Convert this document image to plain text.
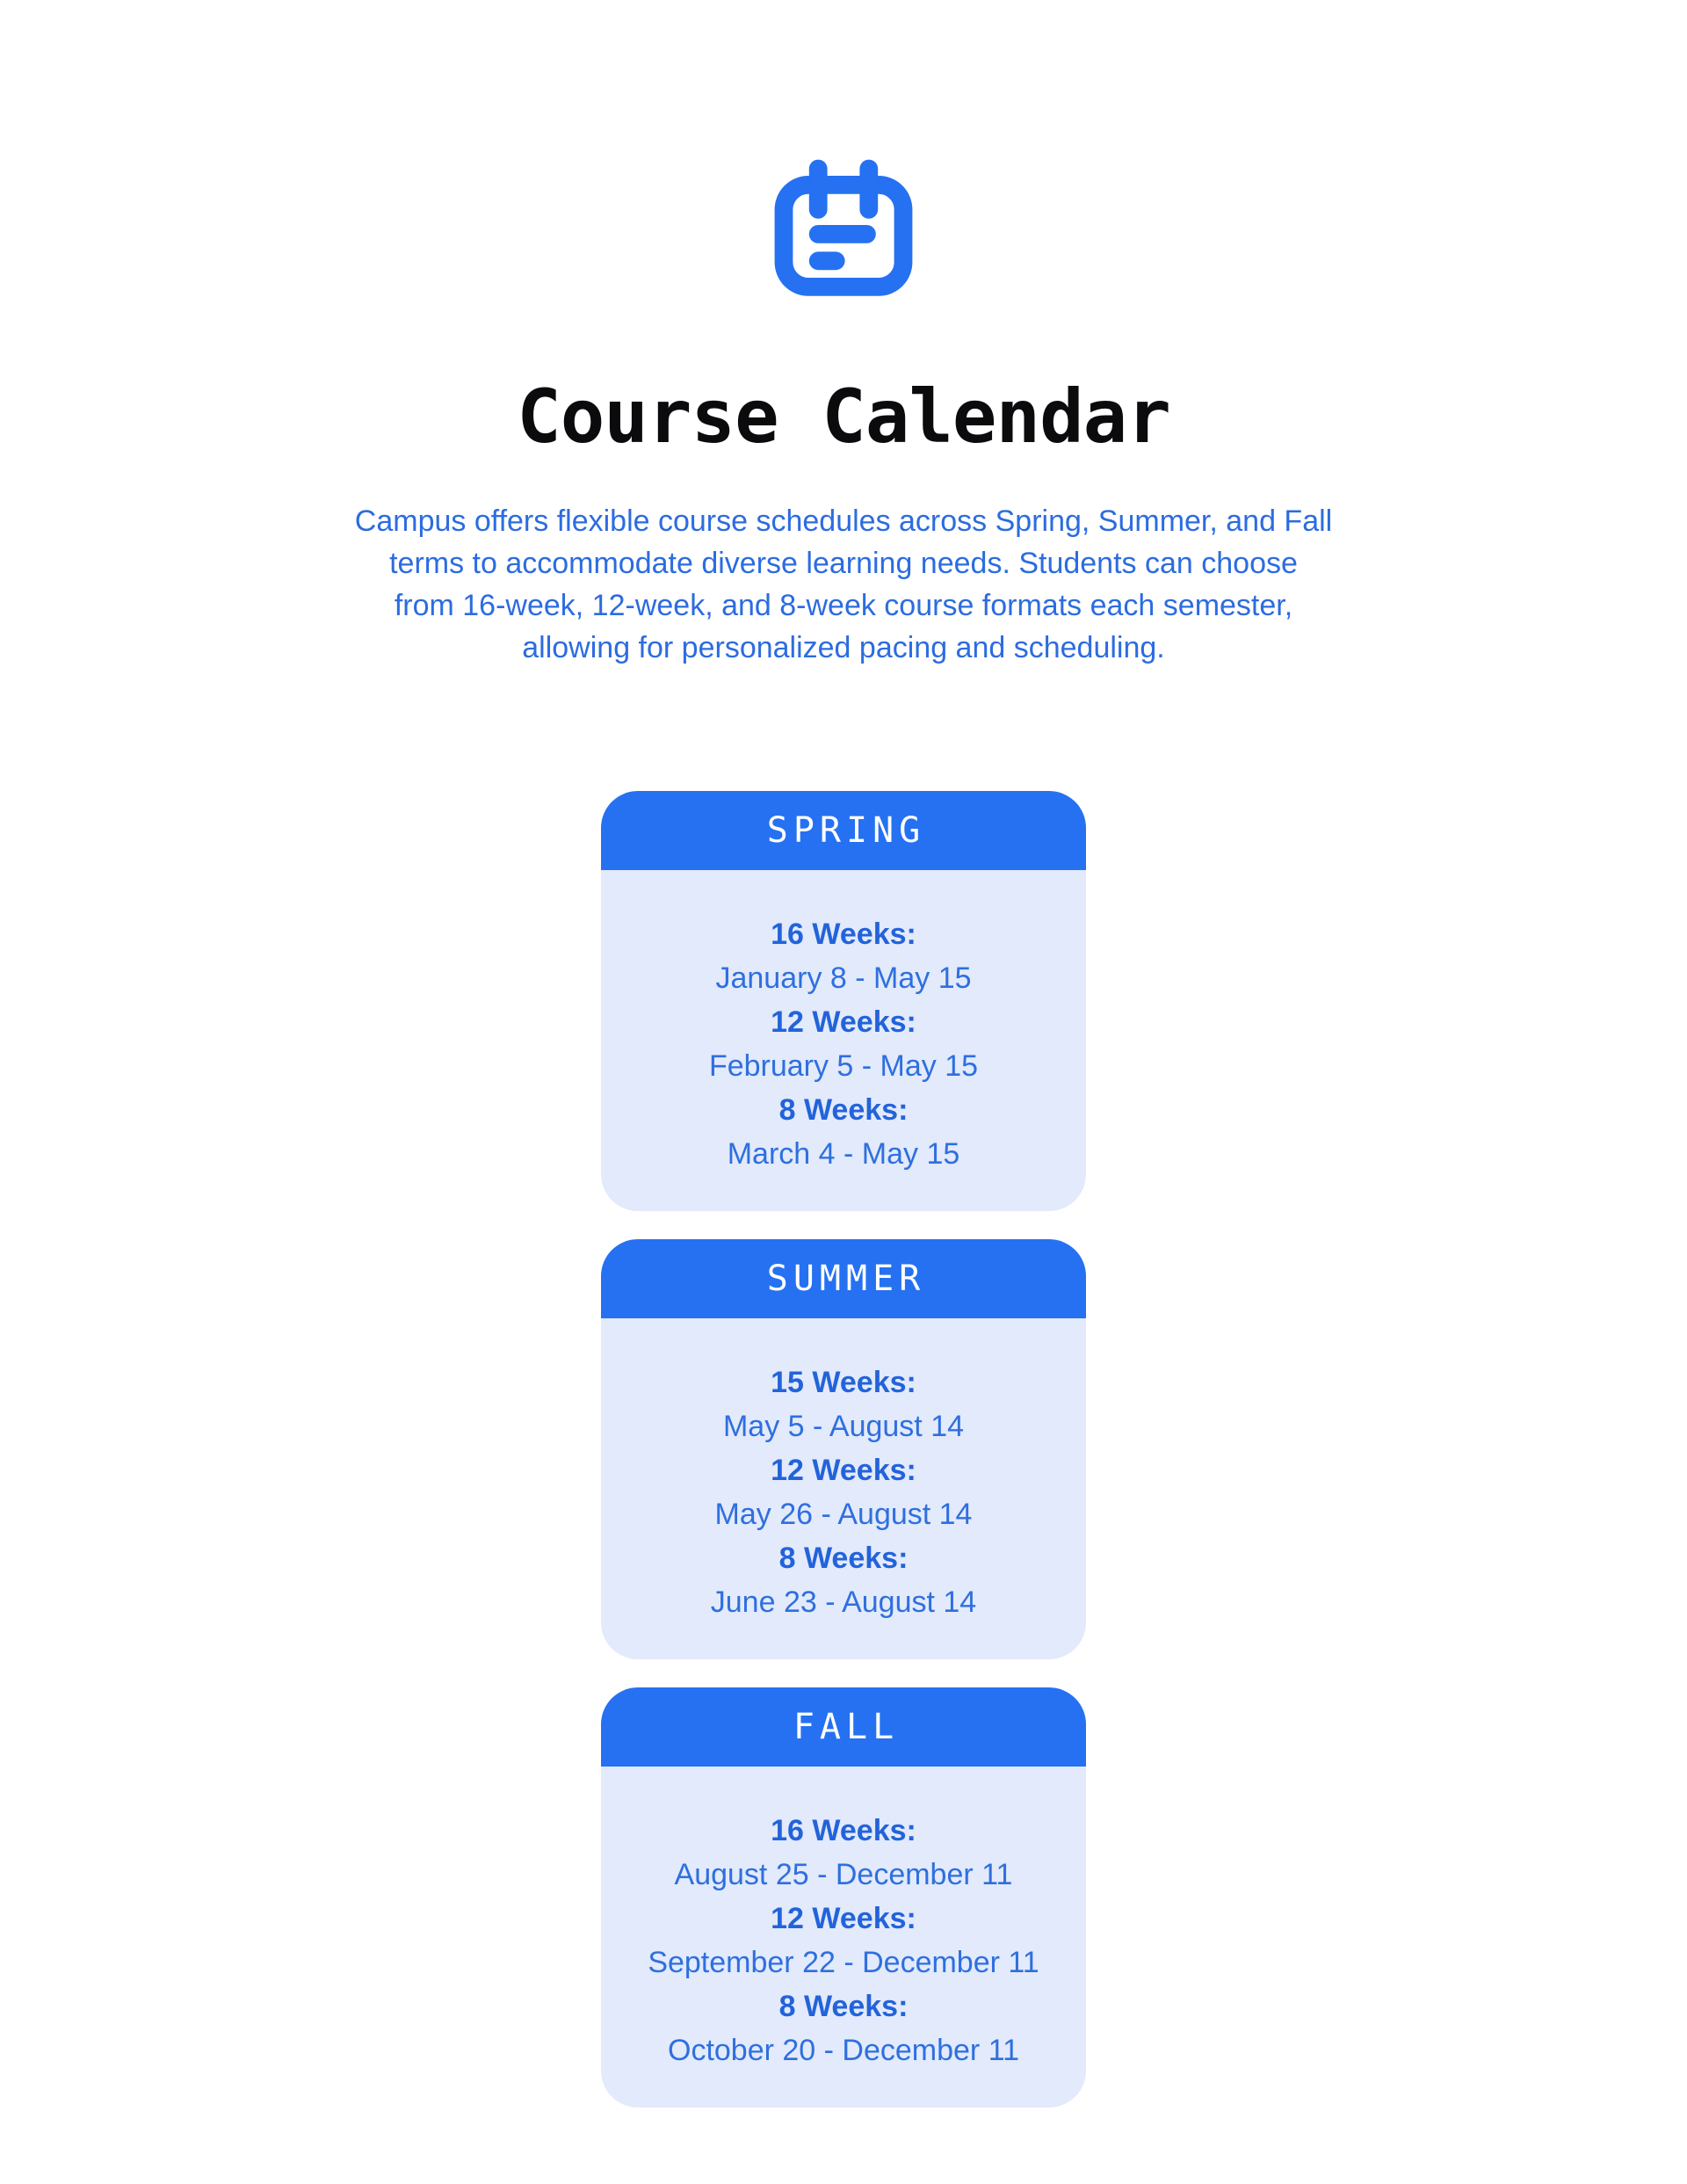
Course Calendar

Campus offers flexible course schedules across Spring, Summer, and Fall
terms to accommodate diverse learning needs. Students can choose
from 16-week, 12-week, and 8-week course formats each semester,
allowing for personalized pacing and scheduling.

SPRING

16 Weeks:

January 8 - May 15

12 Weeks:

February 5 - May 15

8 Weeks:

March 4 - May 15

SUMMER

15 Weeks:

May 5 - August 14

12 Weeks:

May 26 - August 14

8 Weeks:

June 23 - August 14

FALL

16 Weeks:

August 25 - December 11

12 Weeks:

September 22 - December 11

8 Weeks:

October 20 - December 11
